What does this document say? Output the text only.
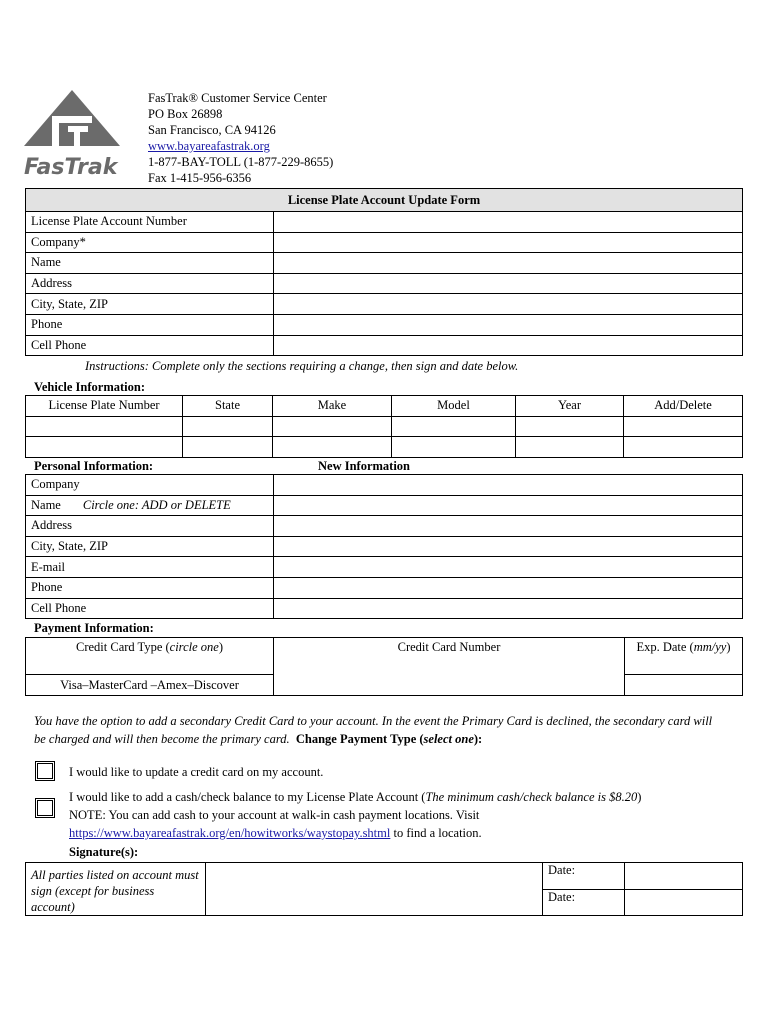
FasTrak
FasTrak® Customer Service Center
PO Box 26898
San Francisco, CA 94126
www.bayareafastrak.org
1-877-BAY-TOLL (1-877-229-8655)
Fax 1-415-956-6356
License Plate Account Update Form	
License Plate Account Number	
Company*	
Name	
Address	
City, State, ZIP	
Phone	
Cell Phone	
Instructions: Complete only the sections requiring a change, then sign and date below.
Vehicle Information:
License Plate Number	State	Make	Model	Year	Add/Delete

Personal Information:	New Information
Company	
Name Circle one: ADD or DELETE	
Address	
City, State, ZIP	
E-mail	
Phone	
Cell Phone	
Payment Information:
Credit Card Type (circle one)	Credit Card Number	Exp. Date (mm/yy)
Visa–MasterCard –Amex–Discover		
You have the option to add a secondary Credit Card to your account. In the event the Primary Card is declined, the secondary card will be charged and will then become the primary card. Change Payment Type (select one):
I would like to update a credit card on my account.
I would like to add a cash/check balance to my License Plate Account (The minimum cash/check balance is $8.20)
NOTE: You can add cash to your account at walk-in cash payment locations. Visit
https://www.bayareafastrak.org/en/howitworks/waystopay.shtml to find a location.
Signature(s):
All parties listed on account must sign (except for business account)		Date:	
		Date:	
